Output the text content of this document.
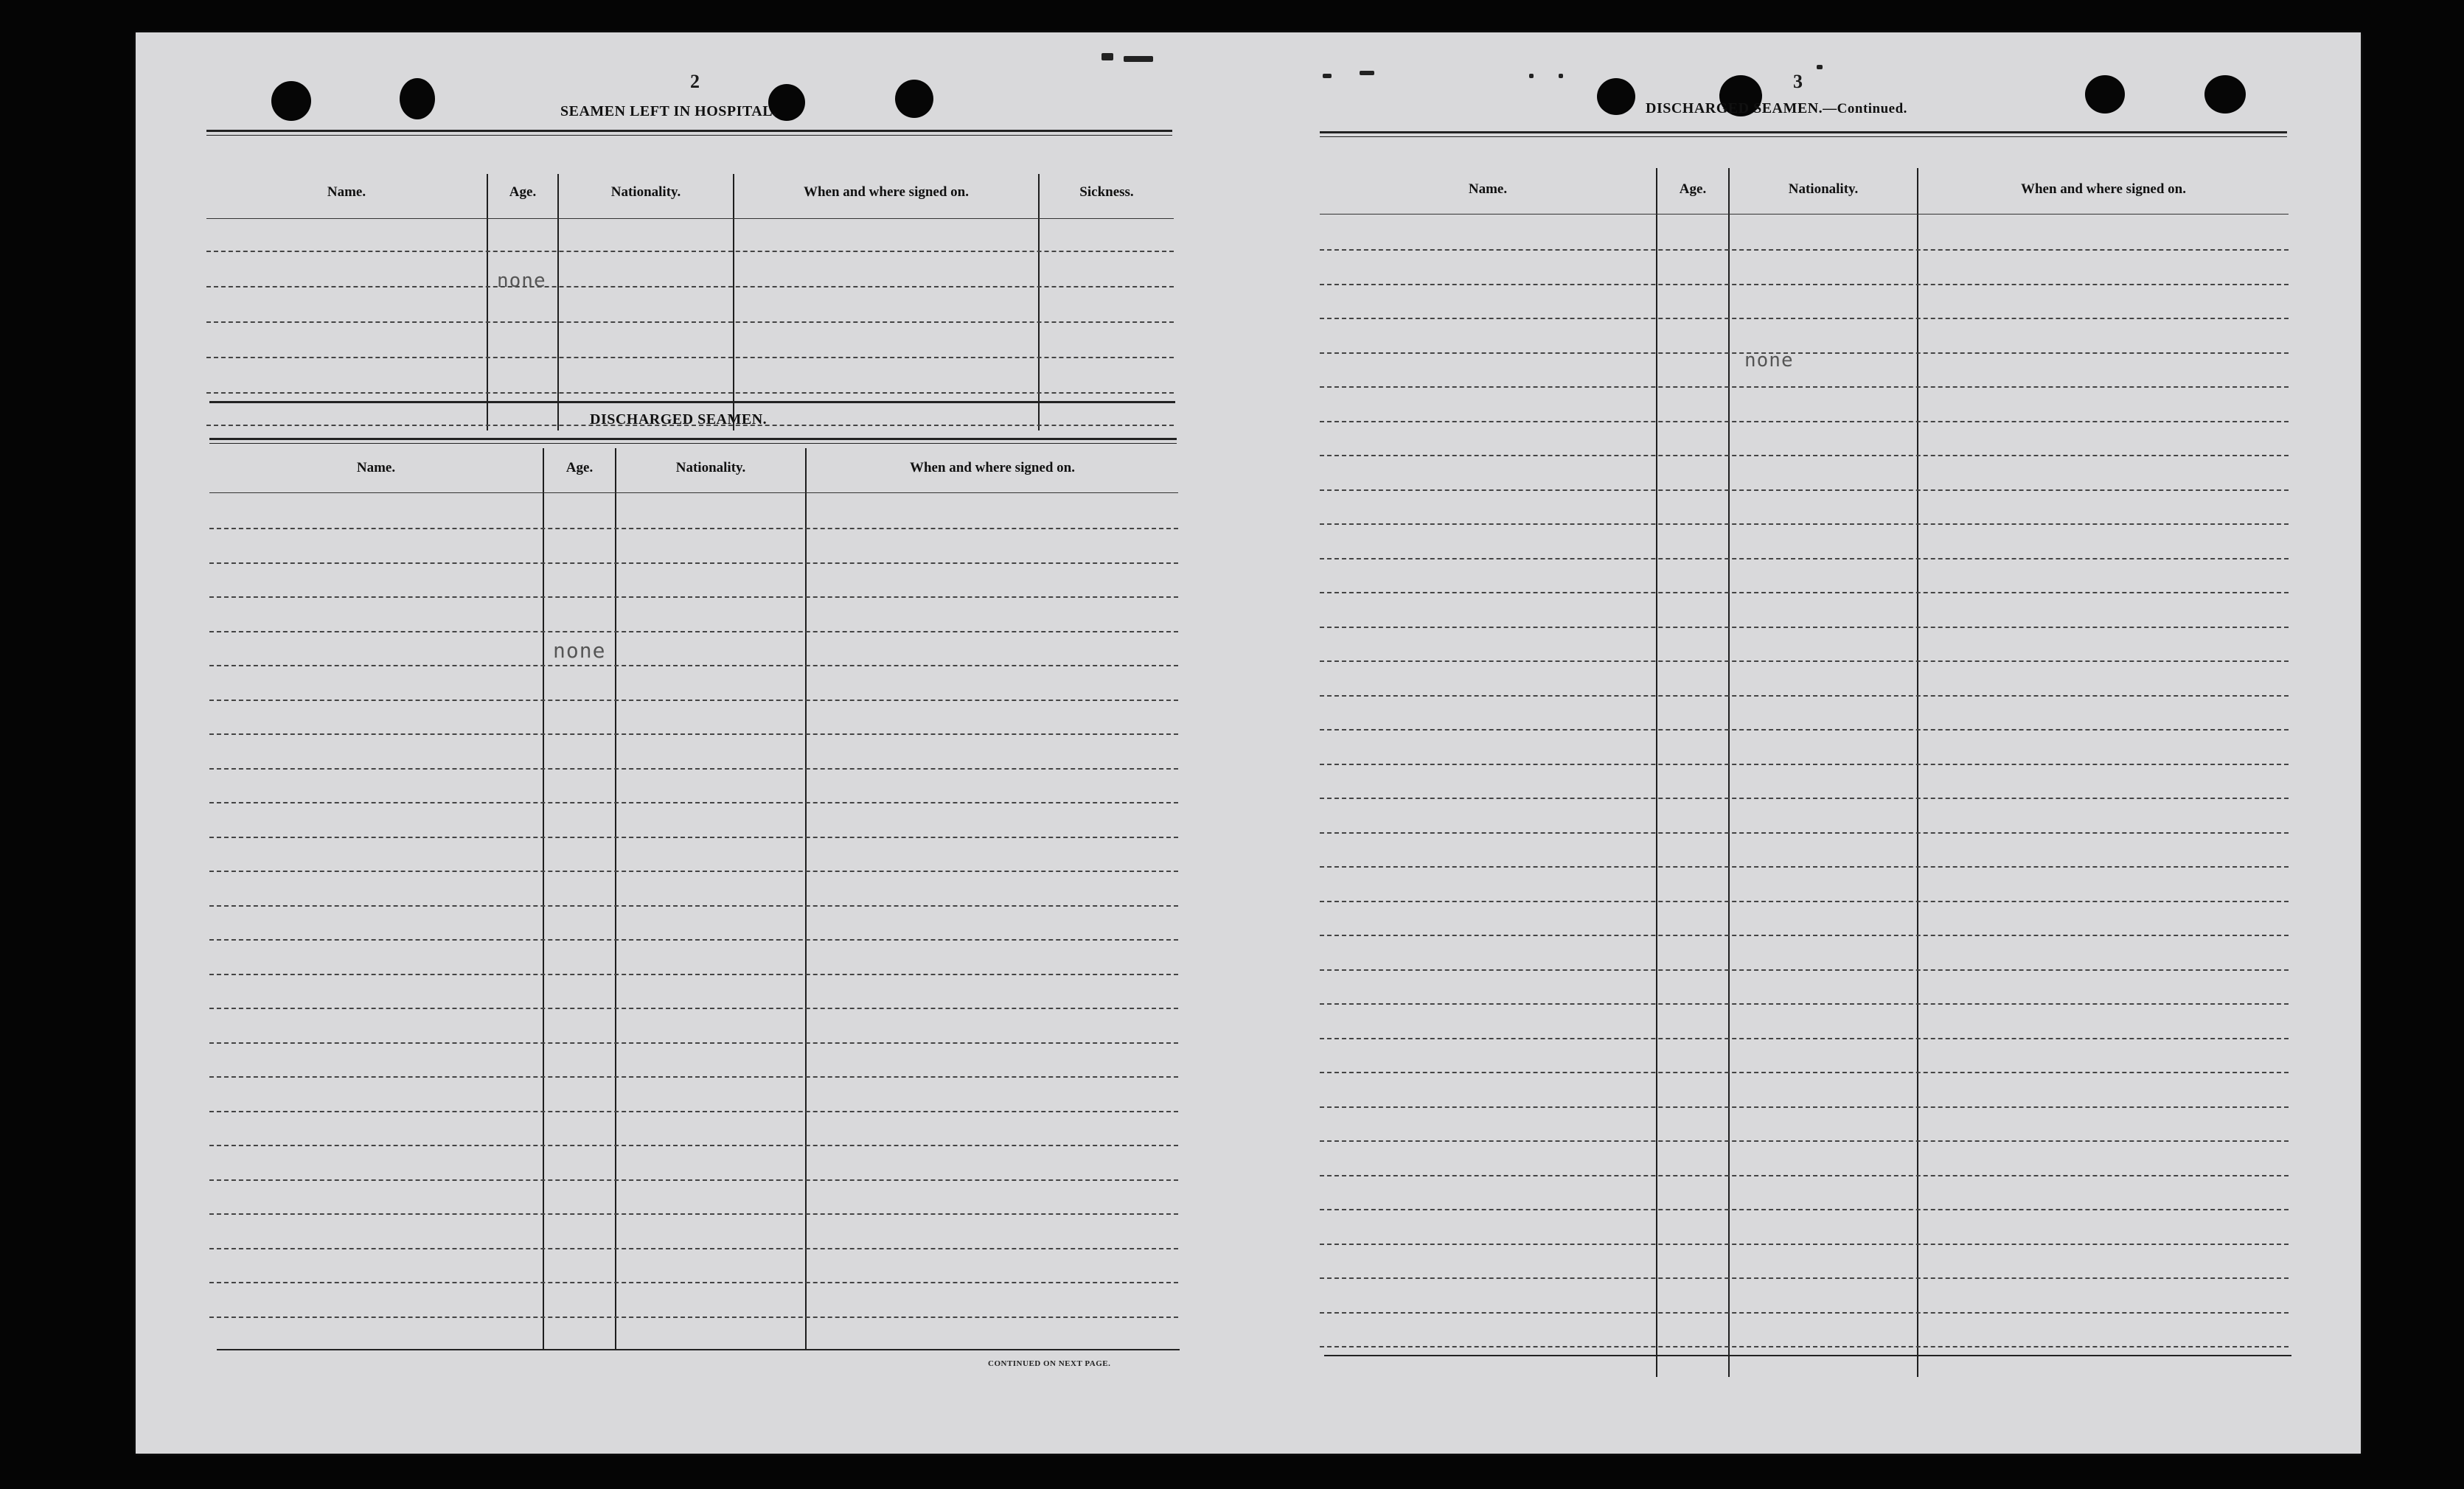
2
SEAMEN LEFT IN HOSPITAL.
Name.	Age.	Nationality.	When and where signed on.	Sickness.
none
DISCHARGED SEAMEN.
Name.	Age.	Nationality.	When and where signed on.
none
CONTINUED ON NEXT PAGE.
3
DISCHARGED SEAMEN.—Continued.
Name.	Age.	Nationality.	When and where signed on.
none
